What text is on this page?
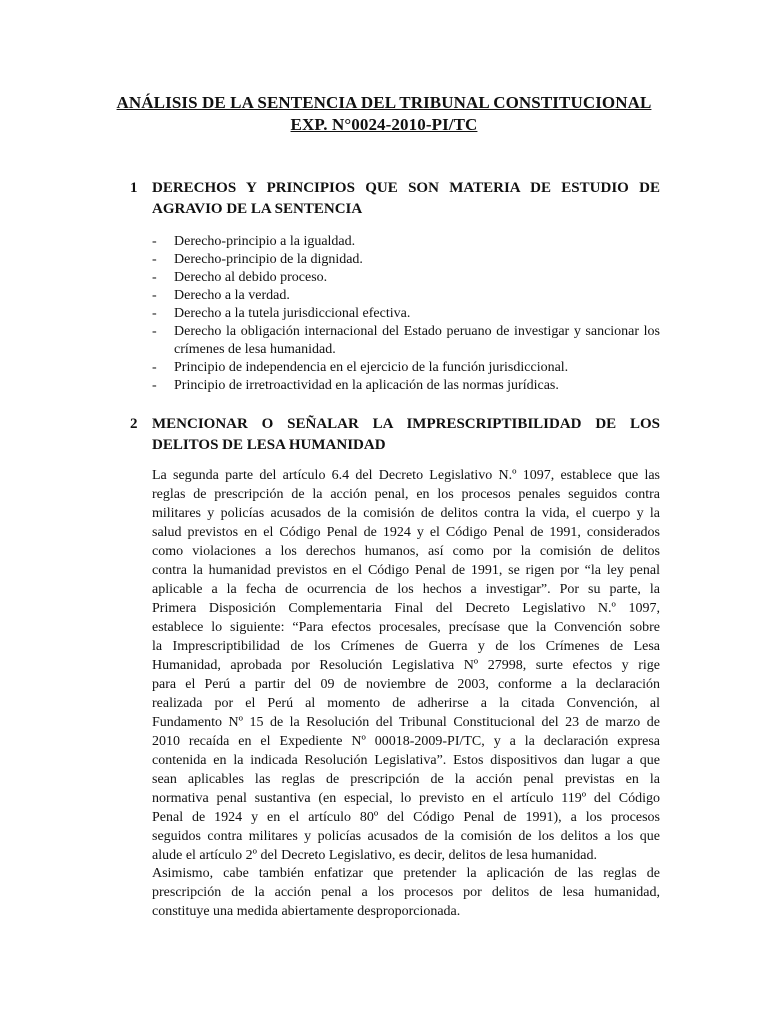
ANÁLISIS DE LA SENTENCIA DEL TRIBUNAL CONSTITUCIONAL
EXP. N°0024-2010-PI/TC
1 DERECHOS Y PRINCIPIOS QUE SON MATERIA DE ESTUDIO DE
AGRAVIO DE LA SENTENCIA
- Derecho-principio a la igualdad.
- Derecho-principio de la dignidad.
- Derecho al debido proceso.
- Derecho a la verdad.
- Derecho a la tutela jurisdiccional efectiva.
- Derecho la obligación internacional del Estado peruano de investigar y sancionar los crímenes de lesa humanidad.
- Principio de independencia en el ejercicio de la función jurisdiccional.
- Principio de irretroactividad en la aplicación de las normas jurídicas.
2 MENCIONAR O SEÑALAR LA IMPRESCRIPTIBILIDAD DE LOS
DELITOS DE LESA HUMANIDAD
La segunda parte del artículo 6.4 del Decreto Legislativo N.º 1097, establece que las
reglas de prescripción de la acción penal, en los procesos penales seguidos contra
militares y policías acusados de la comisión de delitos contra la vida, el cuerpo y la
salud previstos en el Código Penal de 1924 y el Código Penal de 1991, considerados
como violaciones a los derechos humanos, así como por la comisión de delitos
contra la humanidad previstos en el Código Penal de 1991, se rigen por “la ley penal
aplicable a la fecha de ocurrencia de los hechos a investigar”. Por su parte, la
Primera Disposición Complementaria Final del Decreto Legislativo N.º 1097,
establece lo siguiente: “Para efectos procesales, precísase que la Convención sobre
la Imprescriptibilidad de los Crímenes de Guerra y de los Crímenes de Lesa
Humanidad, aprobada por Resolución Legislativa Nº 27998, surte efectos y rige
para el Perú a partir del 09 de noviembre de 2003, conforme a la declaración
realizada por el Perú al momento de adherirse a la citada Convención, al
Fundamento Nº 15 de la Resolución del Tribunal Constitucional del 23 de marzo de
2010 recaída en el Expediente Nº 00018-2009-PI/TC, y a la declaración expresa
contenida en la indicada Resolución Legislativa”. Estos dispositivos dan lugar a que
sean aplicables las reglas de prescripción de la acción penal previstas en la
normativa penal sustantiva (en especial, lo previsto en el artículo 119º del Código
Penal de 1924 y en el artículo 80º del Código Penal de 1991), a los procesos
seguidos contra militares y policías acusados de la comisión de los delitos a los que
alude el artículo 2º del Decreto Legislativo, es decir, delitos de lesa humanidad.
Asimismo, cabe también enfatizar que pretender la aplicación de las reglas de
prescripción de la acción penal a los procesos por delitos de lesa humanidad,
constituye una medida abiertamente desproporcionada.
